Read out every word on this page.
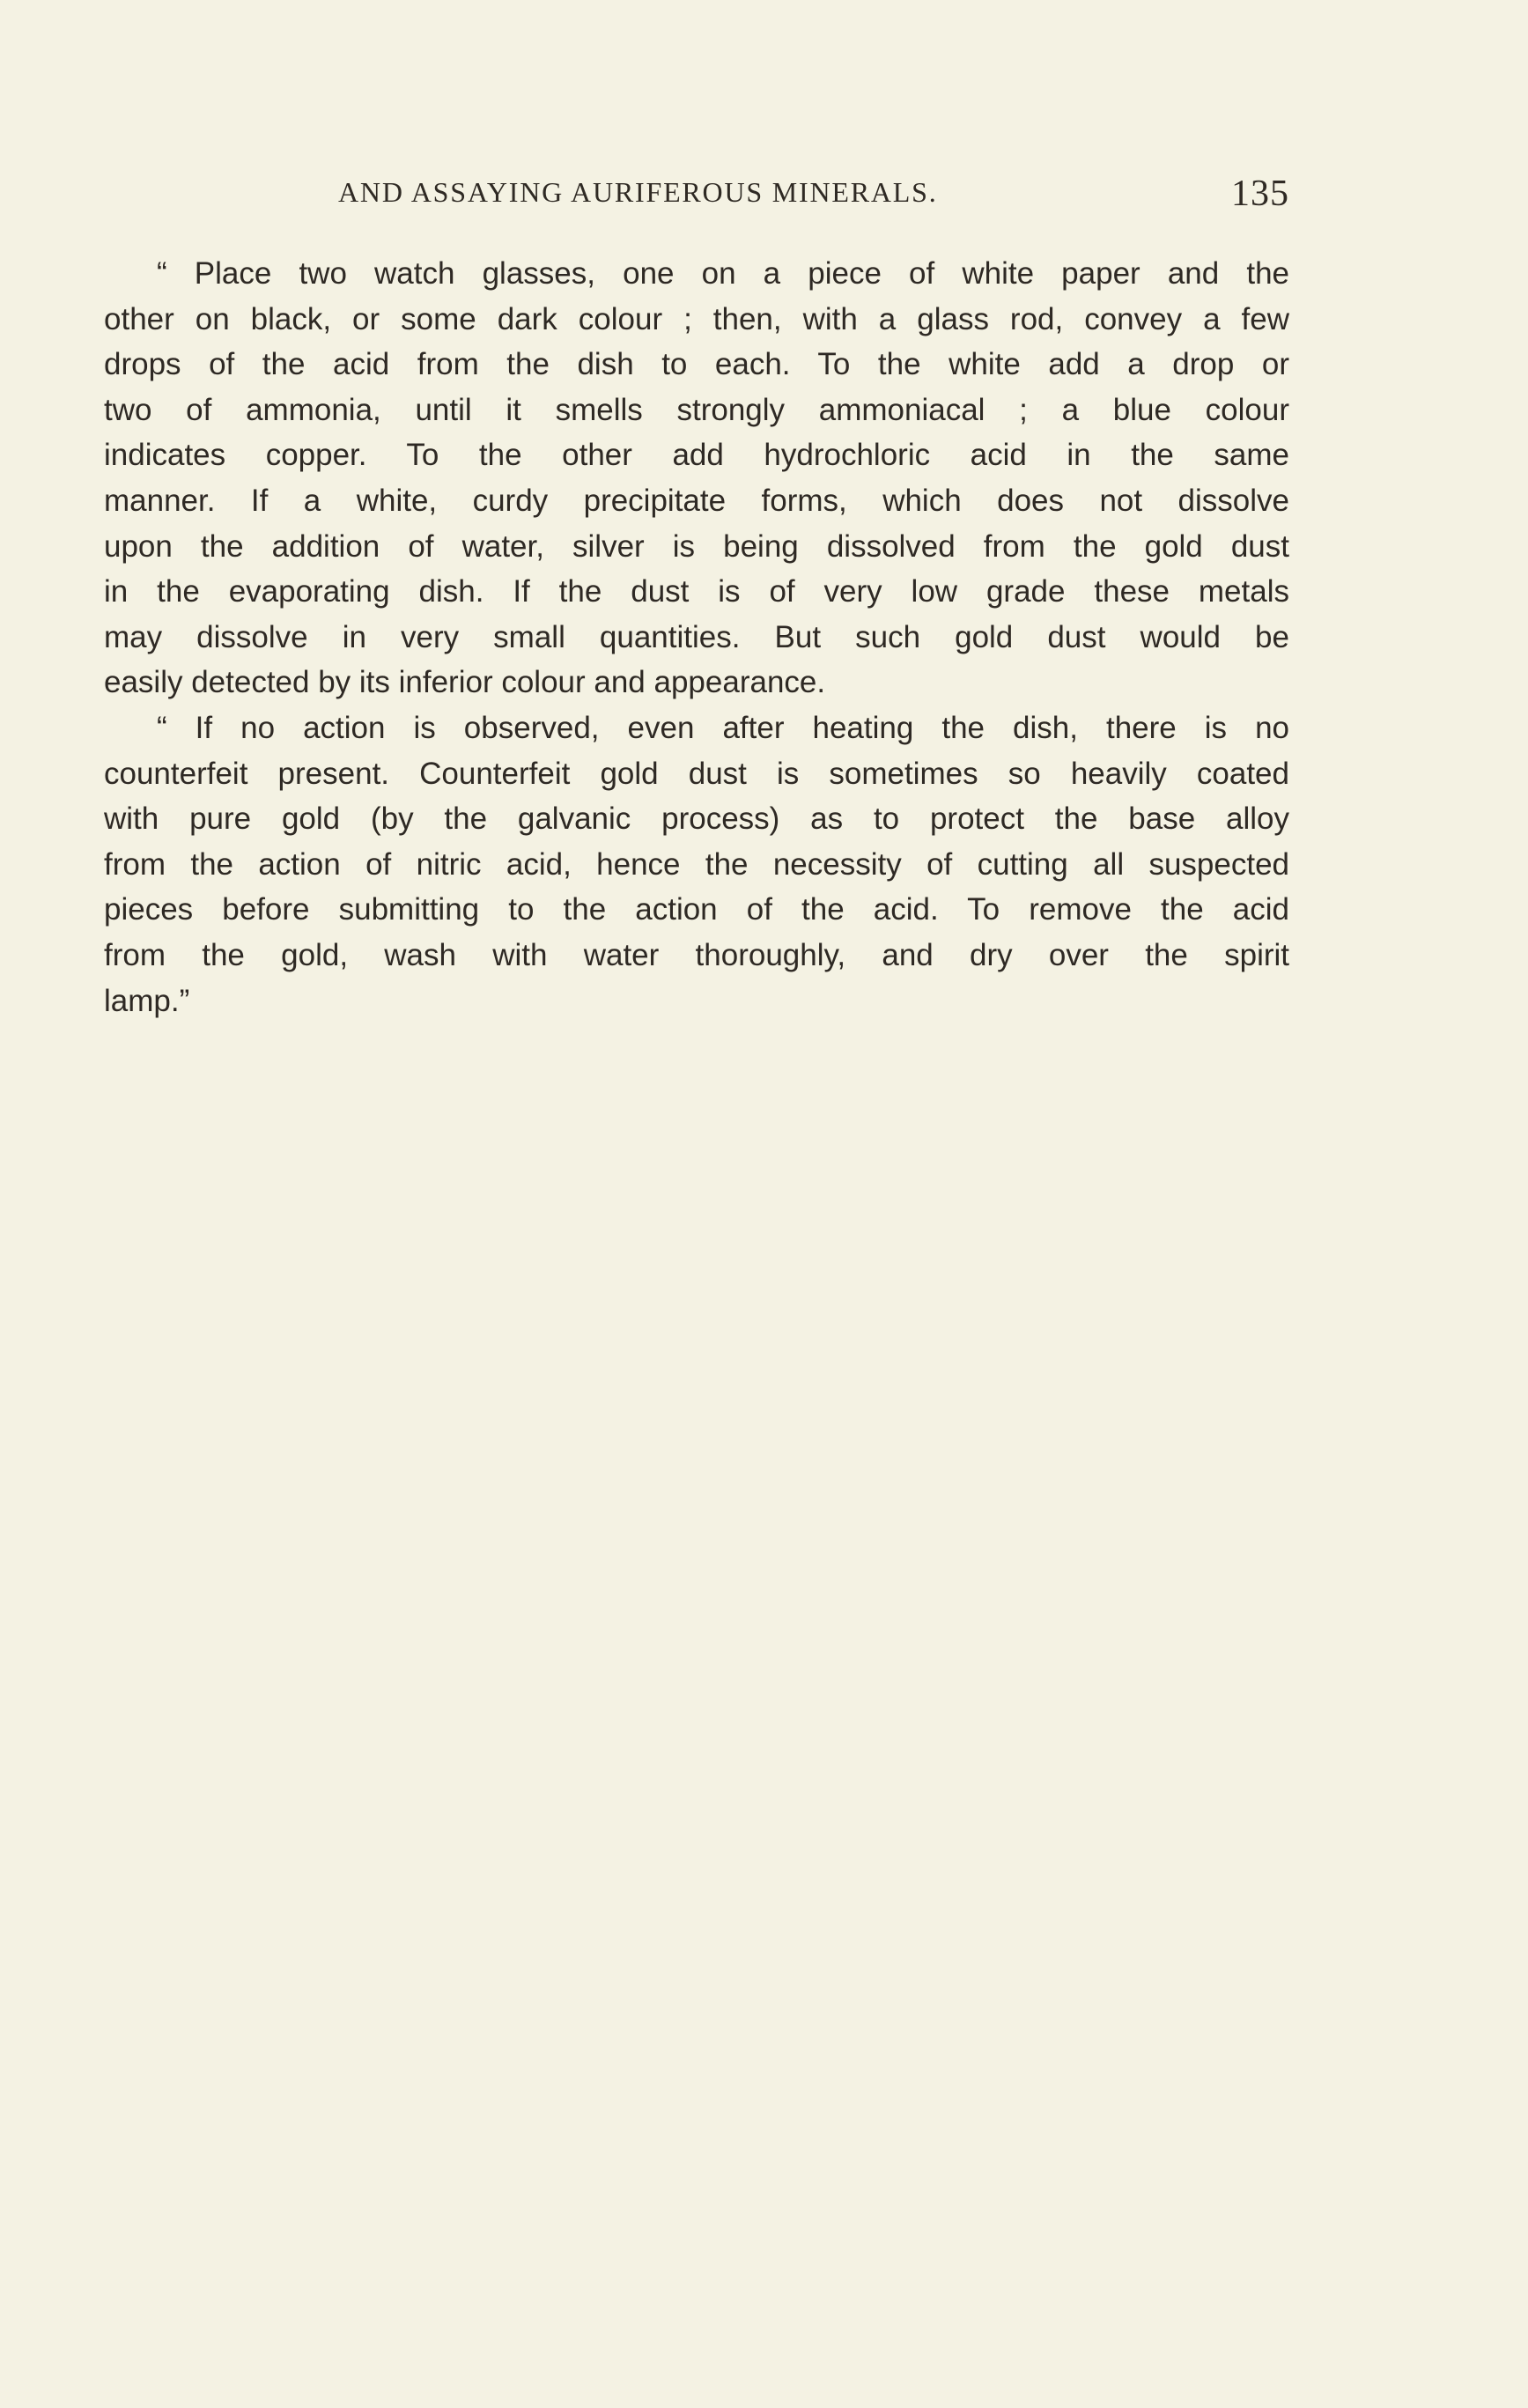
AND ASSAYING AURIFEROUS MINERALS.	135
“ Place two watch glasses, one on a piece of white paper and the
other on black, or some dark colour ; then, with a glass rod, convey a few
drops of the acid from the dish to each. To the white add a drop or
two of ammonia, until it smells strongly ammoniacal ; a blue colour
indicates copper. To the other add hydrochloric acid in the same
manner. If a white, curdy precipitate forms, which does not dissolve
upon the addition of water, silver is being dissolved from the gold dust
in the evaporating dish. If the dust is of very low grade these metals
may dissolve in very small quantities. But such gold dust would be
easily detected by its inferior colour and appearance.
“ If no action is observed, even after heating the dish, there is no
counterfeit present. Counterfeit gold dust is sometimes so heavily coated
with pure gold (by the galvanic process) as to protect the base alloy
from the action of nitric acid, hence the necessity of cutting all suspected
pieces before submitting to the action of the acid. To remove the acid
from the gold, wash with water thoroughly, and dry over the spirit
lamp.”
